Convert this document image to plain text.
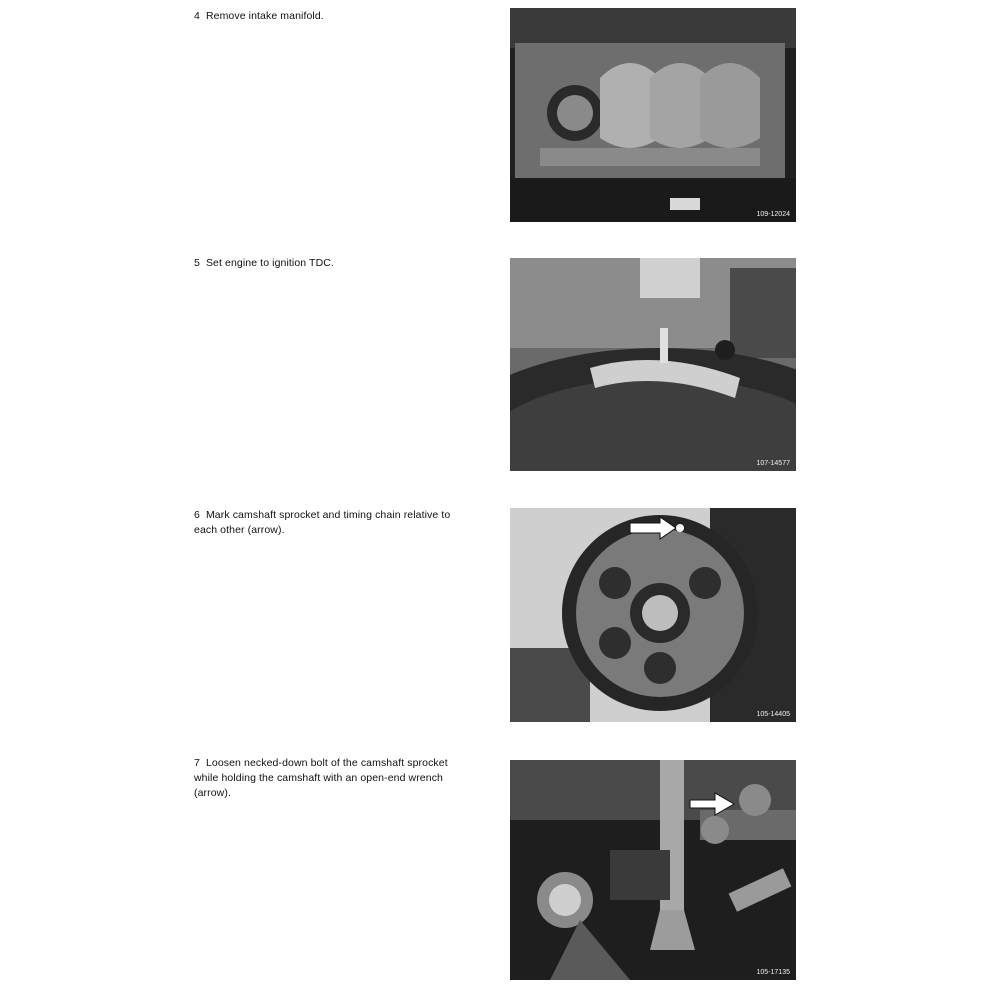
4 Remove intake manifold.
109-12024
5 Set engine to ignition TDC.
107-14577
6 Mark camshaft sprocket and timing chain relative to each other (arrow).
105-14405
7 Loosen necked-down bolt of the camshaft sprocket while holding the camshaft with an open-end wrench (arrow).
105-17135
